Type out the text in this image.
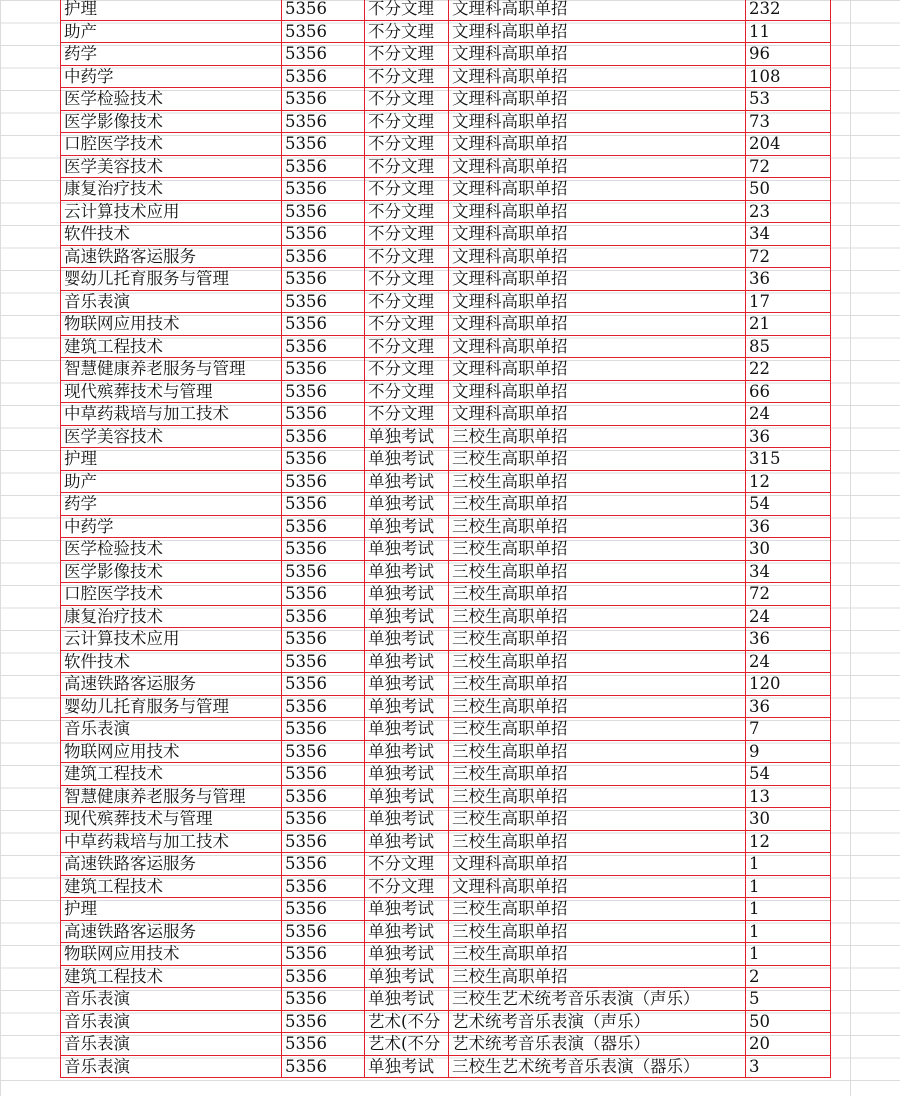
护理	5356	不分文理	文理科高职单招	232
助产	5356	不分文理	文理科高职单招	11
药学	5356	不分文理	文理科高职单招	96
中药学	5356	不分文理	文理科高职单招	108
医学检验技术	5356	不分文理	文理科高职单招	53
医学影像技术	5356	不分文理	文理科高职单招	73
口腔医学技术	5356	不分文理	文理科高职单招	204
医学美容技术	5356	不分文理	文理科高职单招	72
康复治疗技术	5356	不分文理	文理科高职单招	50
云计算技术应用	5356	不分文理	文理科高职单招	23
软件技术	5356	不分文理	文理科高职单招	34
高速铁路客运服务	5356	不分文理	文理科高职单招	72
婴幼儿托育服务与管理	5356	不分文理	文理科高职单招	36
音乐表演	5356	不分文理	文理科高职单招	17
物联网应用技术	5356	不分文理	文理科高职单招	21
建筑工程技术	5356	不分文理	文理科高职单招	85
智慧健康养老服务与管理	5356	不分文理	文理科高职单招	22
现代殡葬技术与管理	5356	不分文理	文理科高职单招	66
中草药栽培与加工技术	5356	不分文理	文理科高职单招	24
医学美容技术	5356	单独考试	三校生高职单招	36
护理	5356	单独考试	三校生高职单招	315
助产	5356	单独考试	三校生高职单招	12
药学	5356	单独考试	三校生高职单招	54
中药学	5356	单独考试	三校生高职单招	36
医学检验技术	5356	单独考试	三校生高职单招	30
医学影像技术	5356	单独考试	三校生高职单招	34
口腔医学技术	5356	单独考试	三校生高职单招	72
康复治疗技术	5356	单独考试	三校生高职单招	24
云计算技术应用	5356	单独考试	三校生高职单招	36
软件技术	5356	单独考试	三校生高职单招	24
高速铁路客运服务	5356	单独考试	三校生高职单招	120
婴幼儿托育服务与管理	5356	单独考试	三校生高职单招	36
音乐表演	5356	单独考试	三校生高职单招	7
物联网应用技术	5356	单独考试	三校生高职单招	9
建筑工程技术	5356	单独考试	三校生高职单招	54
智慧健康养老服务与管理	5356	单独考试	三校生高职单招	13
现代殡葬技术与管理	5356	单独考试	三校生高职单招	30
中草药栽培与加工技术	5356	单独考试	三校生高职单招	12
高速铁路客运服务	5356	不分文理	文理科高职单招	1
建筑工程技术	5356	不分文理	文理科高职单招	1
护理	5356	单独考试	三校生高职单招	1
高速铁路客运服务	5356	单独考试	三校生高职单招	1
物联网应用技术	5356	单独考试	三校生高职单招	1
建筑工程技术	5356	单独考试	三校生高职单招	2
音乐表演	5356	单独考试	三校生艺术统考音乐表演（声乐）	5
音乐表演	5356	艺术(不分	艺术统考音乐表演（声乐）	50
音乐表演	5356	艺术(不分	艺术统考音乐表演（器乐）	20
音乐表演	5356	单独考试	三校生艺术统考音乐表演（器乐）	3
